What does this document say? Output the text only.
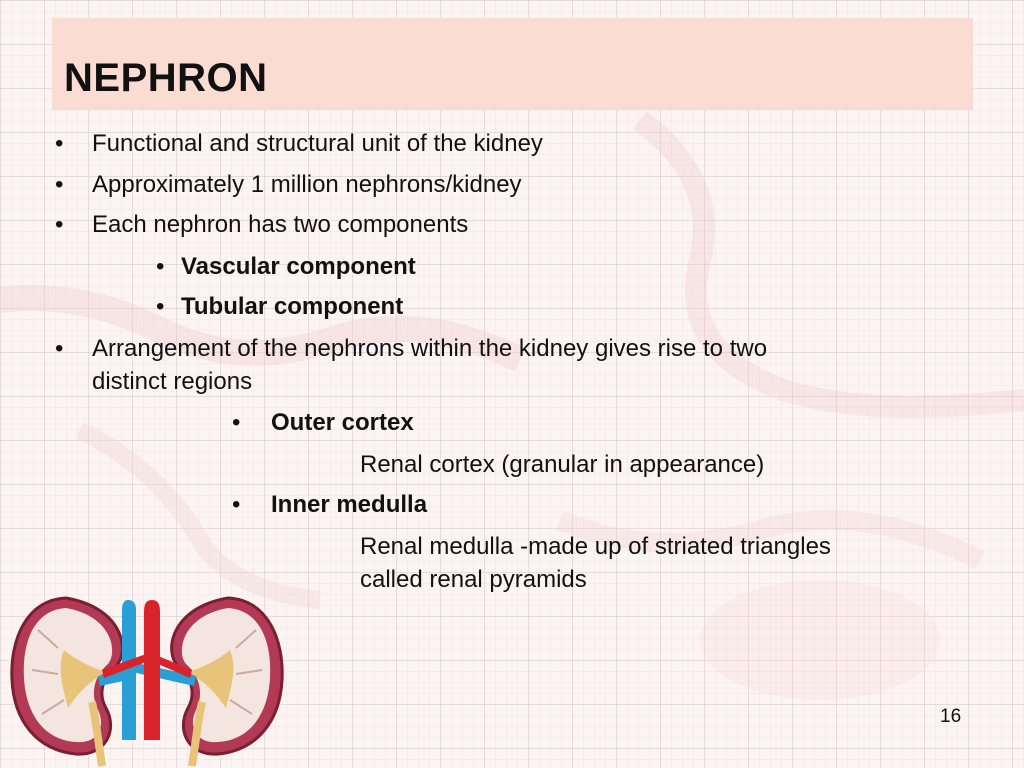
NEPHRON
• Functional and structural unit of the kidney
• Approximately 1 million nephrons/kidney
• Each nephron has two components
• Vascular component
• Tubular component
• Arrangement of the nephrons within the kidney gives rise to two
distinct regions
• Outer cortex
Renal cortex (granular in appearance)
• Inner medulla
Renal medulla -made up of striated triangles
called renal pyramids
16
